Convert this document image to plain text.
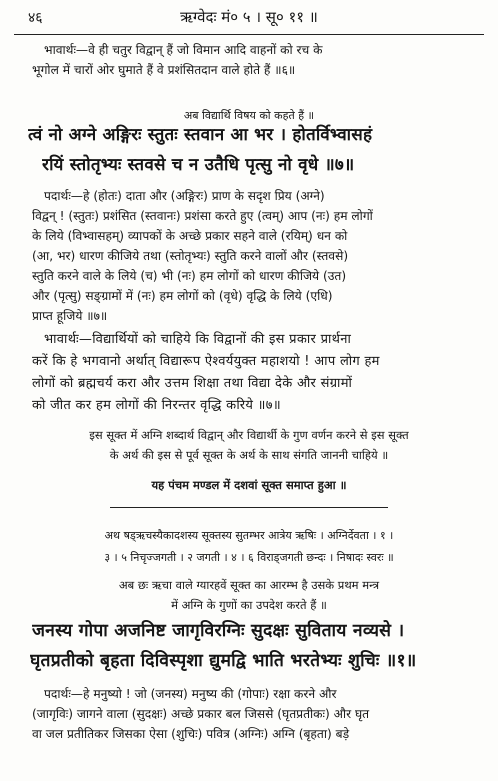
४६	ऋग्वेदः मं० ५ । सू० ११ ॥
भावार्थः—वे ही चतुर विद्वान् हैं जो विमान आदि वाहनों को रच के
भूगोल में चारों ओर घुमाते हैं वे प्रशंसितदान वाले होते हैं ॥६॥
अब विद्यार्थि विषय को कहते हैं ॥
त्वं नो अग्ने अङ्गिरः स्तुतः स्तवान आ भर । होतर्विभ्वासहं
रयिं स्तोतृभ्यः स्तवसे च न उतैधि पृत्सु नो वृधे ॥७॥
पदार्थः—हे (होतः) दाता और (अङ्गिरः) प्राण के सदृश प्रिय (अग्ने)
विद्वन् ! (स्तुतः) प्रशंसित (स्तवानः) प्रशंसा करते हुए (त्वम्) आप (नः) हम लोगों
के लिये (विभ्वासहम्) व्यापकों के अच्छे प्रकार सहने वाले (रयिम्) धन को
(आ, भर) धारण कीजिये तथा (स्तोतृभ्यः) स्तुति करने वालों और (स्तवसे)
स्तुति करने वाले के लिये (च) भी (नः) हम लोगों को धारण कीजिये (उत)
और (पृत्सु) सङ्ग्रामों में (नः) हम लोगों को (वृधे) वृद्धि के लिये (एधि)
प्राप्त हूजिये ॥७॥
भावार्थः—विद्यार्थियों को चाहिये कि विद्वानों की इस प्रकार प्रार्थना
करें कि हे भगवानो अर्थात् विद्यारूप ऐश्वर्ययुक्त महाशयो ! आप लोग हम
लोगों को ब्रह्मचर्य करा और उत्तम शिक्षा तथा विद्या देके और संग्रामों
को जीत कर हम लोगों की निरन्तर वृद्धि करिये ॥७॥
इस सूक्त में अग्नि शब्दार्थ विद्वान् और विद्यार्थी के गुण वर्णन करने से इस सूक्त
के अर्थ की इस से पूर्व सूक्त के अर्थ के साथ संगति जाननी चाहिये ॥
यह पंचम मण्डल में दशवां सूक्त समाप्त हुआ ॥
अथ षड्ऋचस्यैकादशस्य सूक्तस्य सुतम्भर आत्रेय ऋषिः । अग्निर्देवता । १ ।
३ । ५ निचृज्जगती । २ जगती । ४ । ६ विराड्जगती छन्दः । निषादः स्वरः ॥
अब छः ऋचा वाले ग्यारहवें सूक्त का आरम्भ है उसके प्रथम मन्त्र
में अग्नि के गुणों का उपदेश करते हैं ॥
जनस्य गोपा अजनिष्ट जागृविरग्निः सुदक्षः सुविताय नव्यसे ।
घृतप्रतीको बृहता दिविस्पृशा द्युमद्वि भाति भरतेभ्यः शुचिः ॥१॥
पदार्थः—हे मनुष्यो ! जो (जनस्य) मनुष्य की (गोपाः) रक्षा करने और
(जागृविः) जागने वाला (सुदक्षः) अच्छे प्रकार बल जिससे (घृतप्रतीकः) और घृत
वा जल प्रतीतिकर जिसका ऐसा (शुचिः) पवित्र (अग्निः) अग्नि (बृहता) बड़े
